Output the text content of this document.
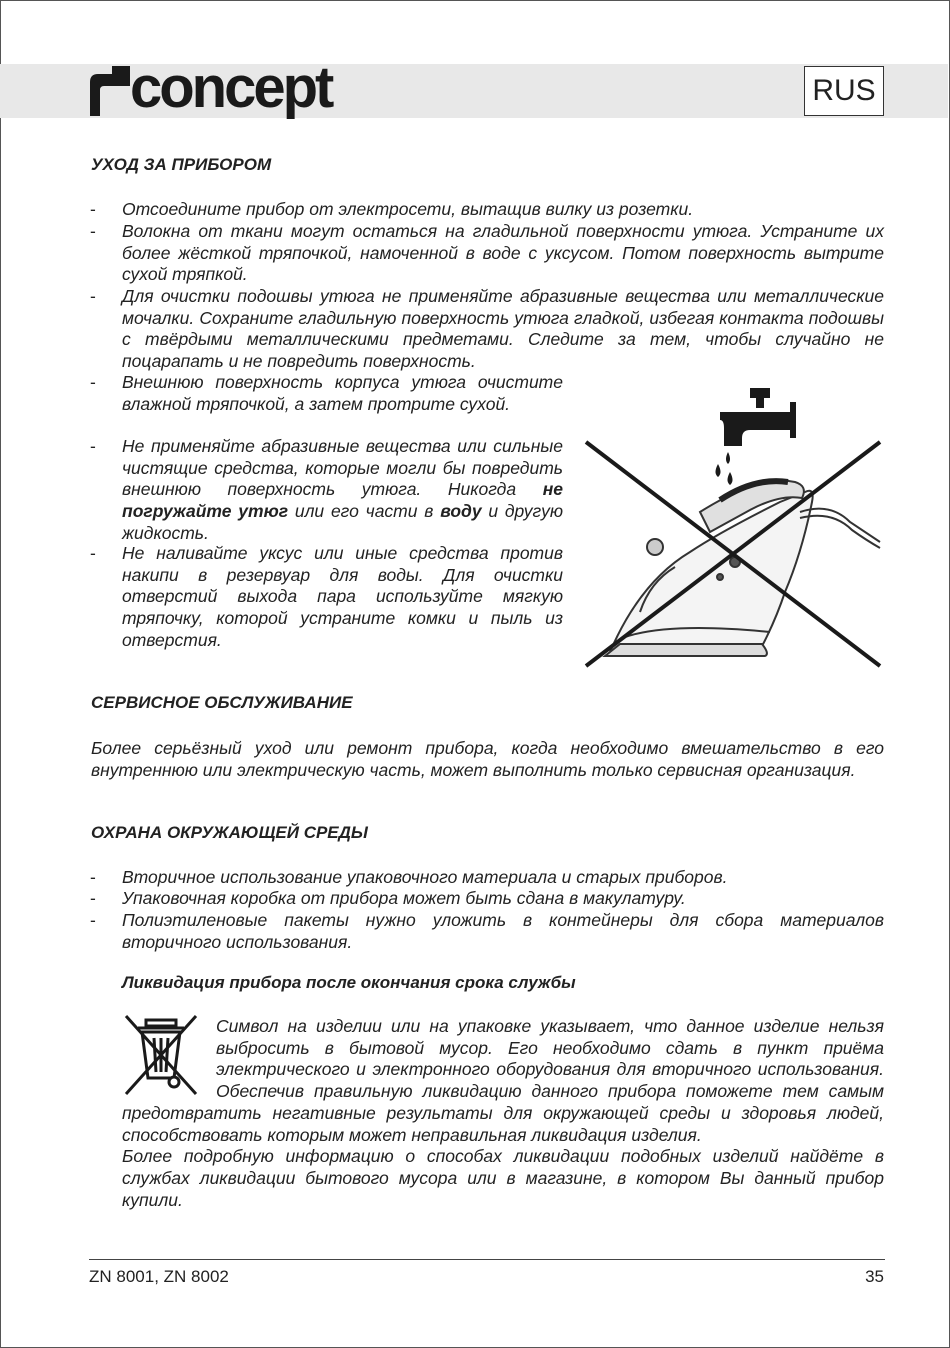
concept	RUS
УХОД ЗА ПРИБОРОМ
- Отсоедините прибор от электросети, вытащив вилку из розетки.
- Волокна от ткани могут остаться на гладильной поверхности утюга. Устраните их более жёсткой тряпочкой, намоченной в воде с уксусом. Потом поверхность вытрите сухой тряпкой.
- Для очистки подошвы утюга не применяйте абразивные вещества или металлические мочалки. Сохраните гладильную поверхность утюга гладкой, избегая контакта подошвы с твёрдыми металлическими предметами. Следите за тем, чтобы случайно не поцарапать и не повредить поверхность.
- Внешнюю поверхность корпуса утюга очистите влажной тряпочкой, а затем протрите сухой.
- Не применяйте абразивные вещества или сильные чистящие средства, которые могли бы повредить внешнюю поверхность утюга. Никогда не погружайте утюг или его части в воду и другую жидкость.
- Не наливайте уксус или иные средства против накипи в резервуар для воды. Для очистки отверстий выхода пара используйте мягкую тряпочку, которой устраните комки и пыль из отверстия.
СЕРВИСНОЕ ОБСЛУЖИВАНИЕ
Более серьёзный уход или ремонт прибора, когда необходимо вмешательство в его внутреннюю или электрическую часть, может выполнить только сервисная организация.
ОХРАНА ОКРУЖАЮЩЕЙ СРЕДЫ
- Вторичное использование упаковочного материала и старых приборов.
- Упаковочная коробка от прибора может быть сдана в макулатуру.
- Полиэтиленовые пакеты нужно уложить в контейнеры для сбора материалов вторичного использования.
Ликвидация прибора после окончания срока службы
Символ на изделии или на упаковке указывает, что данное изделие нельзя выбросить в бытовой мусор. Его необходимо сдать в пункт приёма электрического и электронного оборудования для вторичного использования. Обеспечив правильную ликвидацию данного прибора поможете тем самым предотвратить негативные результаты для окружающей среды и здоровья людей, способствовать которым может неправильная ликвидация изделия.
Более подробную информацию о способах ликвидации подобных изделий найдёте в службах ликвидации бытового мусора или в магазине, в котором Вы данный прибор купили.
ZN 8001, ZN 8002	35
